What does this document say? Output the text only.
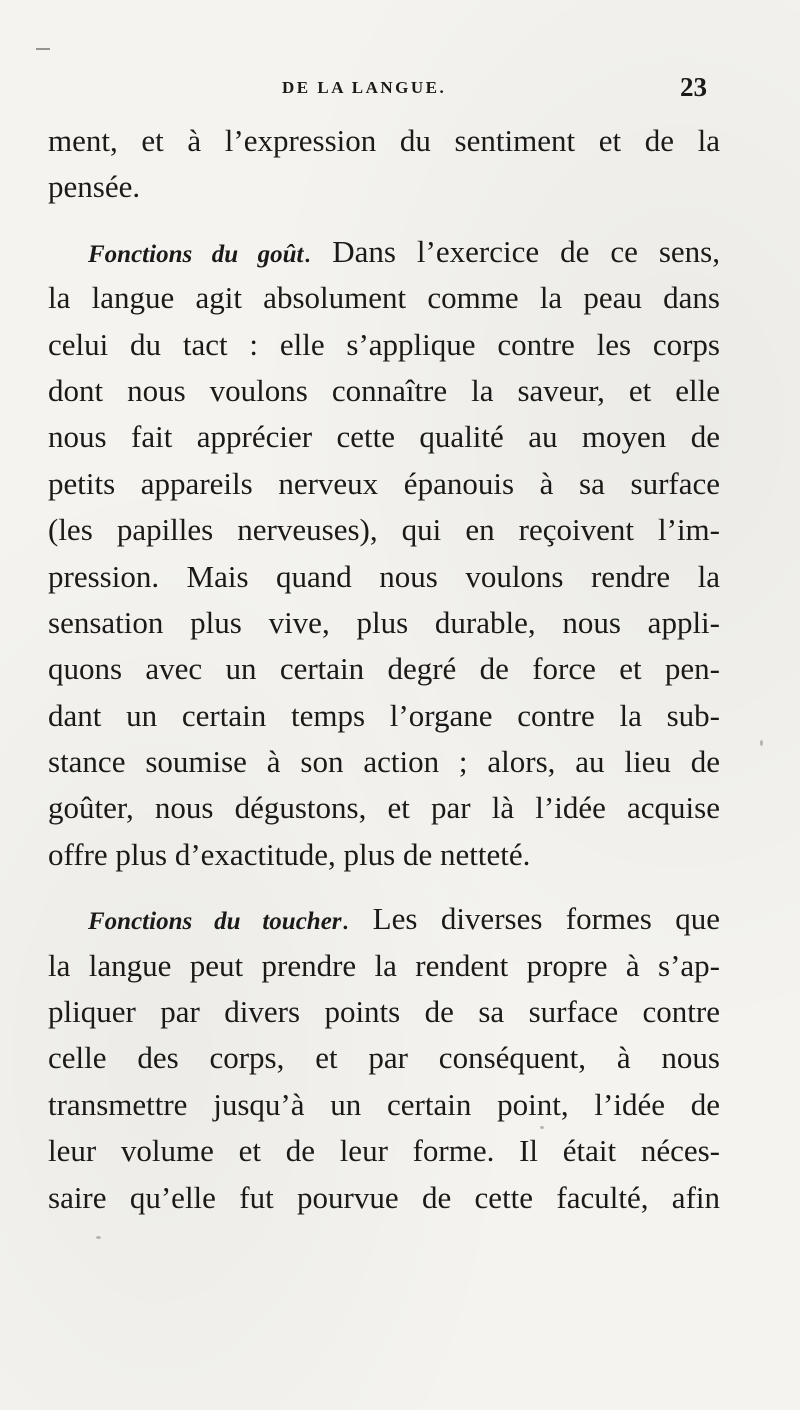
DE LA LANGUE.	23
ment, et à l’expression du sentiment et de la
pensée.
Fonctions du goût. Dans l’exercice de ce sens,
la langue agit absolument comme la peau dans
celui du tact : elle s’applique contre les corps
dont nous voulons connaître la saveur, et elle
nous fait apprécier cette qualité au moyen de
petits appareils nerveux épanouis à sa surface
(les papilles nerveuses), qui en reçoivent l’im-
pression. Mais quand nous voulons rendre la
sensation plus vive, plus durable, nous appli-
quons avec un certain degré de force et pen-
dant un certain temps l’organe contre la sub-
stance soumise à son action ; alors, au lieu de
goûter, nous dégustons, et par là l’idée acquise
offre plus d’exactitude, plus de netteté.
Fonctions du toucher. Les diverses formes que
la langue peut prendre la rendent propre à s’ap-
pliquer par divers points de sa surface contre
celle des corps, et par conséquent, à nous
transmettre jusqu’à un certain point, l’idée de
leur volume et de leur forme. Il était néces-
saire qu’elle fut pourvue de cette faculté, afin
